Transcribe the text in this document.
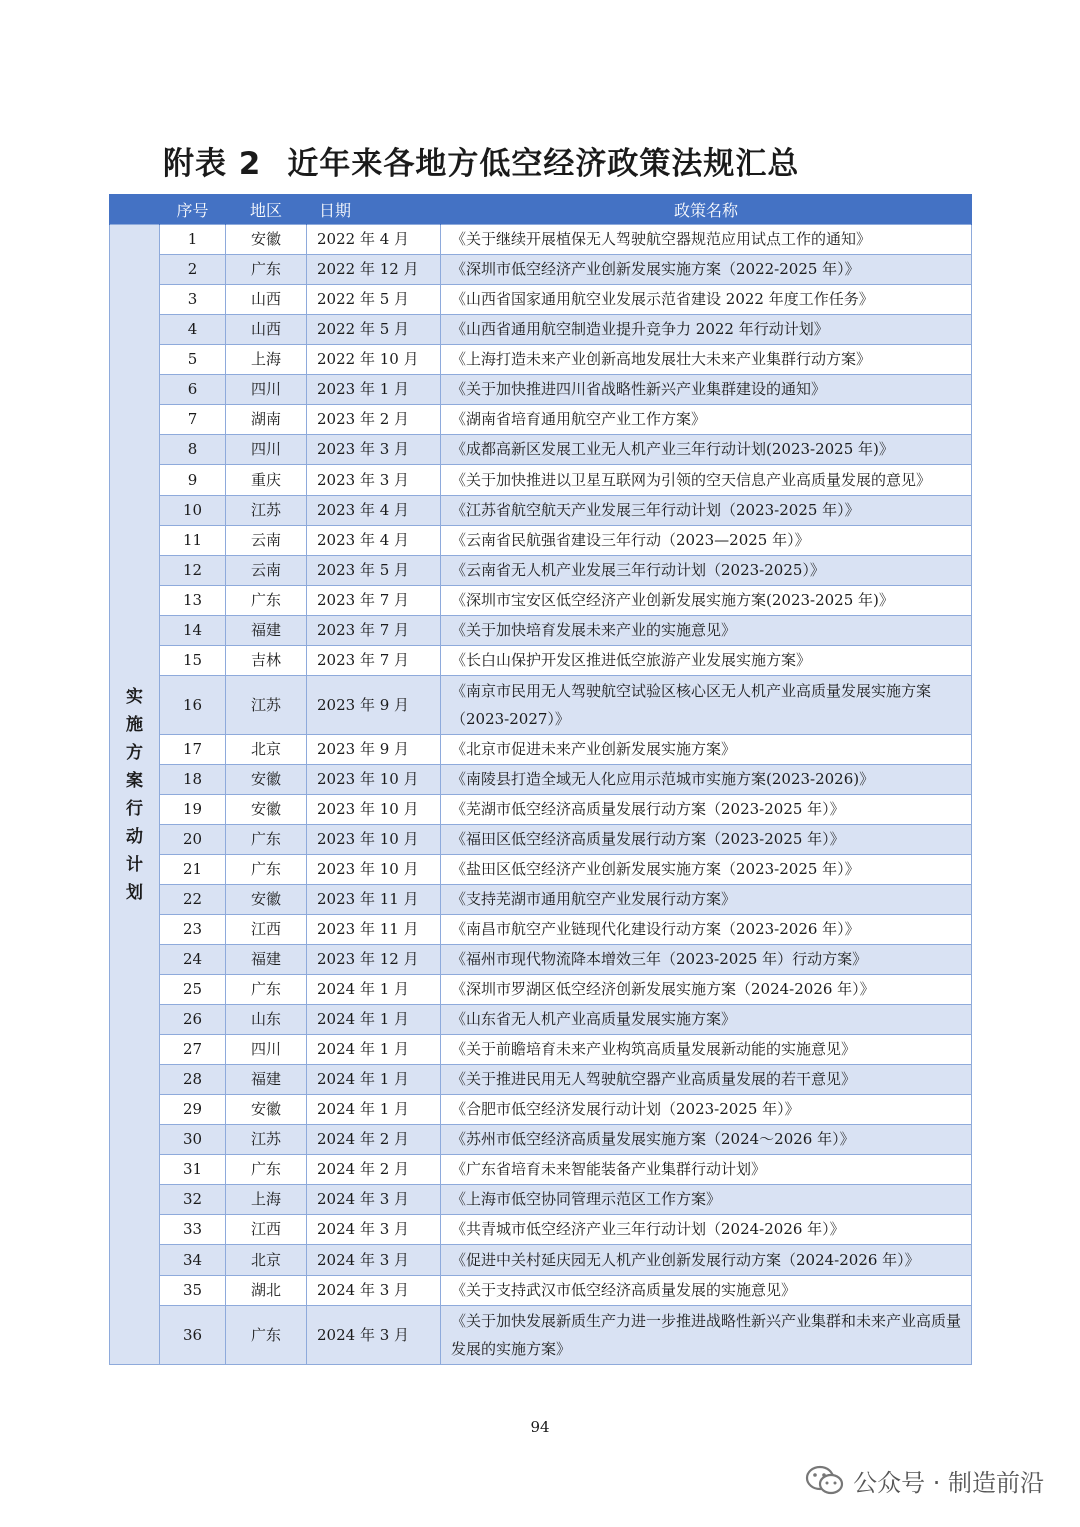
附表 2 近年来各地方低空经济政策法规汇总
	序号	地区	日期	政策名称

实施方案行动计划	1	安徽	2022 年 4 月	《关于继续开展植保无人驾驶航空器规范应用试点工作的通知》
	2	广东	2022 年 12 月	《深圳市低空经济产业创新发展实施方案（2022-2025 年）》
	3	山西	2022 年 5 月	《山西省国家通用航空业发展示范省建设 2022 年度工作任务》
	4	山西	2022 年 5 月	《山西省通用航空制造业提升竞争力 2022 年行动计划》
	5	上海	2022 年 10 月	《上海打造未来产业创新高地发展壮大未来产业集群行动方案》
	6	四川	2023 年 1 月	《关于加快推进四川省战略性新兴产业集群建设的通知》
	7	湖南	2023 年 2 月	《湖南省培育通用航空产业工作方案》
	8	四川	2023 年 3 月	《成都高新区发展工业无人机产业三年行动计划(2023-2025 年)》
	9	重庆	2023 年 3 月	《关于加快推进以卫星互联网为引领的空天信息产业高质量发展的意见》
	10	江苏	2023 年 4 月	《江苏省航空航天产业发展三年行动计划（2023-2025 年）》
	11	云南	2023 年 4 月	《云南省民航强省建设三年行动（2023—2025 年）》
	12	云南	2023 年 5 月	《云南省无人机产业发展三年行动计划（2023-2025）》
	13	广东	2023 年 7 月	《深圳市宝安区低空经济产业创新发展实施方案(2023-2025 年)》
	14	福建	2023 年 7 月	《关于加快培育发展未来产业的实施意见》
	15	吉林	2023 年 7 月	《长白山保护开发区推进低空旅游产业发展实施方案》
	16	江苏	2023 年 9 月	《南京市民用无人驾驶航空试验区核心区无人机产业高质量发展实施方案（2023-2027）》
	17	北京	2023 年 9 月	《北京市促进未来产业创新发展实施方案》
	18	安徽	2023 年 10 月	《南陵县打造全域无人化应用示范城市实施方案(2023-2026)》
	19	安徽	2023 年 10 月	《芜湖市低空经济高质量发展行动方案（2023-2025 年）》
	20	广东	2023 年 10 月	《福田区低空经济高质量发展行动方案（2023-2025 年）》
	21	广东	2023 年 10 月	《盐田区低空经济产业创新发展实施方案（2023-2025 年）》
	22	安徽	2023 年 11 月	《支持芜湖市通用航空产业发展行动方案》
	23	江西	2023 年 11 月	《南昌市航空产业链现代化建设行动方案（2023-2026 年）》
	24	福建	2023 年 12 月	《福州市现代物流降本增效三年（2023-2025 年）行动方案》
	25	广东	2024 年 1 月	《深圳市罗湖区低空经济创新发展实施方案（2024-2026 年）》
	26	山东	2024 年 1 月	《山东省无人机产业高质量发展实施方案》
	27	四川	2024 年 1 月	《关于前瞻培育未来产业构筑高质量发展新动能的实施意见》
	28	福建	2024 年 1 月	《关于推进民用无人驾驶航空器产业高质量发展的若干意见》
	29	安徽	2024 年 1 月	《合肥市低空经济发展行动计划（2023-2025 年）》
	30	江苏	2024 年 2 月	《苏州市低空经济高质量发展实施方案（2024～2026 年）》
	31	广东	2024 年 2 月	《广东省培育未来智能装备产业集群行动计划》
	32	上海	2024 年 3 月	《上海市低空协同管理示范区工作方案》
	33	江西	2024 年 3 月	《共青城市低空经济产业三年行动计划（2024-2026 年）》
	34	北京	2024 年 3 月	《促进中关村延庆园无人机产业创新发展行动方案（2024-2026 年）》
	35	湖北	2024 年 3 月	《关于支持武汉市低空经济高质量发展的实施意见》
	36	广东	2024 年 3 月	《关于加快发展新质生产力进一步推进战略性新兴产业集群和未来产业高质量发展的实施方案》
94
公众号 · 制造前沿
